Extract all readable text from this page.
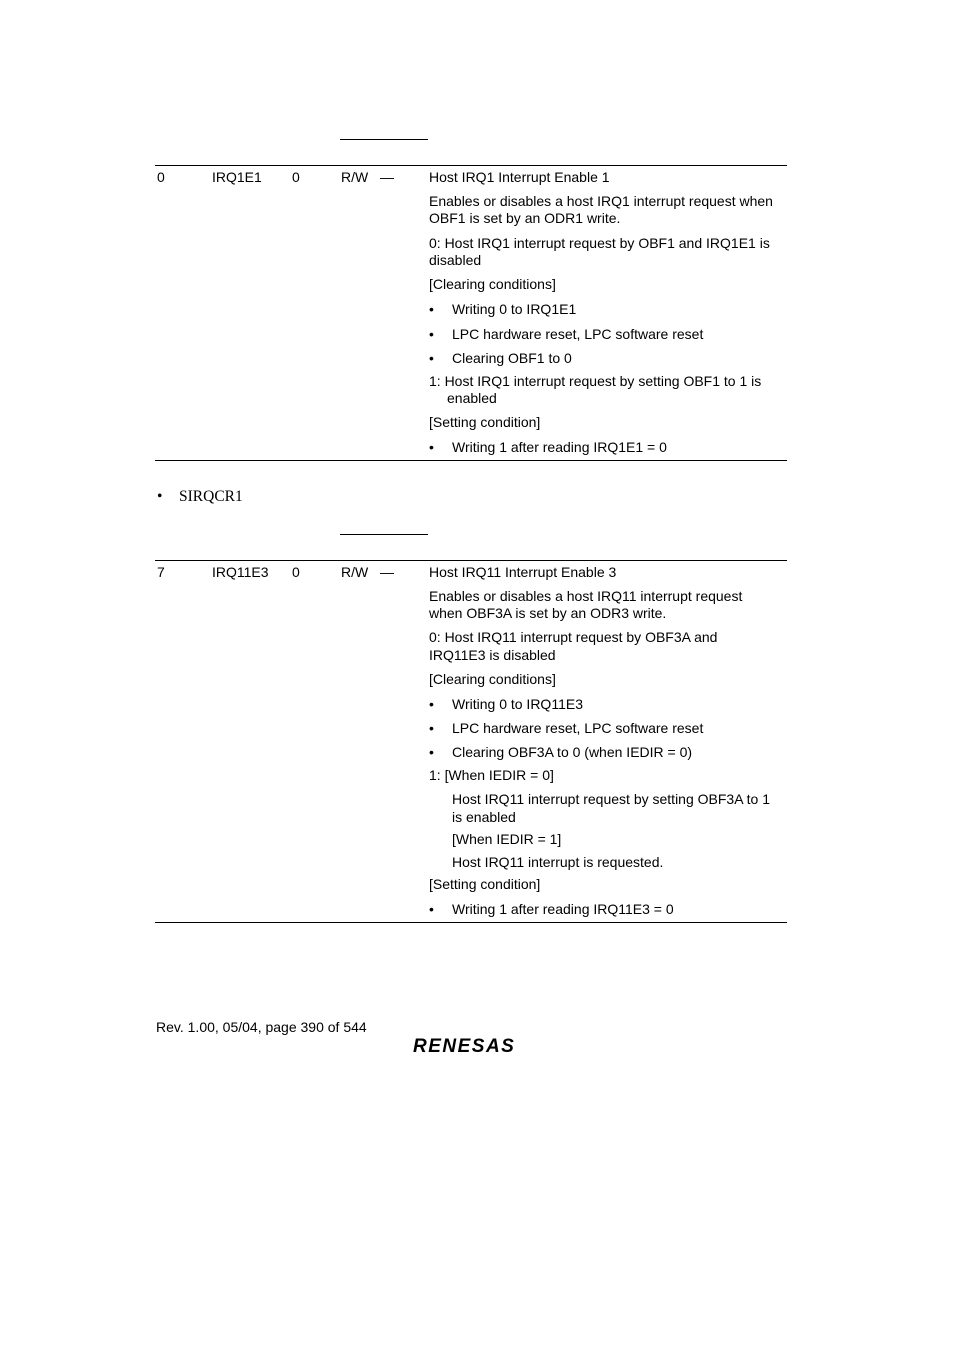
0	IRQ1E1 0	R/W —	Host IRQ1 Interrupt Enable 1
Enables or disables a host IRQ1 interrupt request when
OBF1 is set by an ODR1 write.
0: Host IRQ1 interrupt request by OBF1 and IRQ1E1 is
disabled
[Clearing conditions]
• Writing 0 to IRQ1E1
• LPC hardware reset, LPC software reset
• Clearing OBF1 to 0
1: Host IRQ1 interrupt request by setting OBF1 to 1 is
enabled
[Setting condition]
• Writing 1 after reading IRQ1E1 = 0
• SIRQCR1
7	IRQ11E3 0	R/W —	Host IRQ11 Interrupt Enable 3
Enables or disables a host IRQ11 interrupt request
when OBF3A is set by an ODR3 write.
0: Host IRQ11 interrupt request by OBF3A and
IRQ11E3 is disabled
[Clearing conditions]
• Writing 0 to IRQ11E3
• LPC hardware reset, LPC software reset
• Clearing OBF3A to 0 (when IEDIR = 0)
1: [When IEDIR = 0]
Host IRQ11 interrupt request by setting OBF3A to 1
is enabled
[When IEDIR = 1]
Host IRQ11 interrupt is requested.
[Setting condition]
• Writing 1 after reading IRQ11E3 = 0
Rev. 1.00, 05/04, page 390 of 544
RENESAS
